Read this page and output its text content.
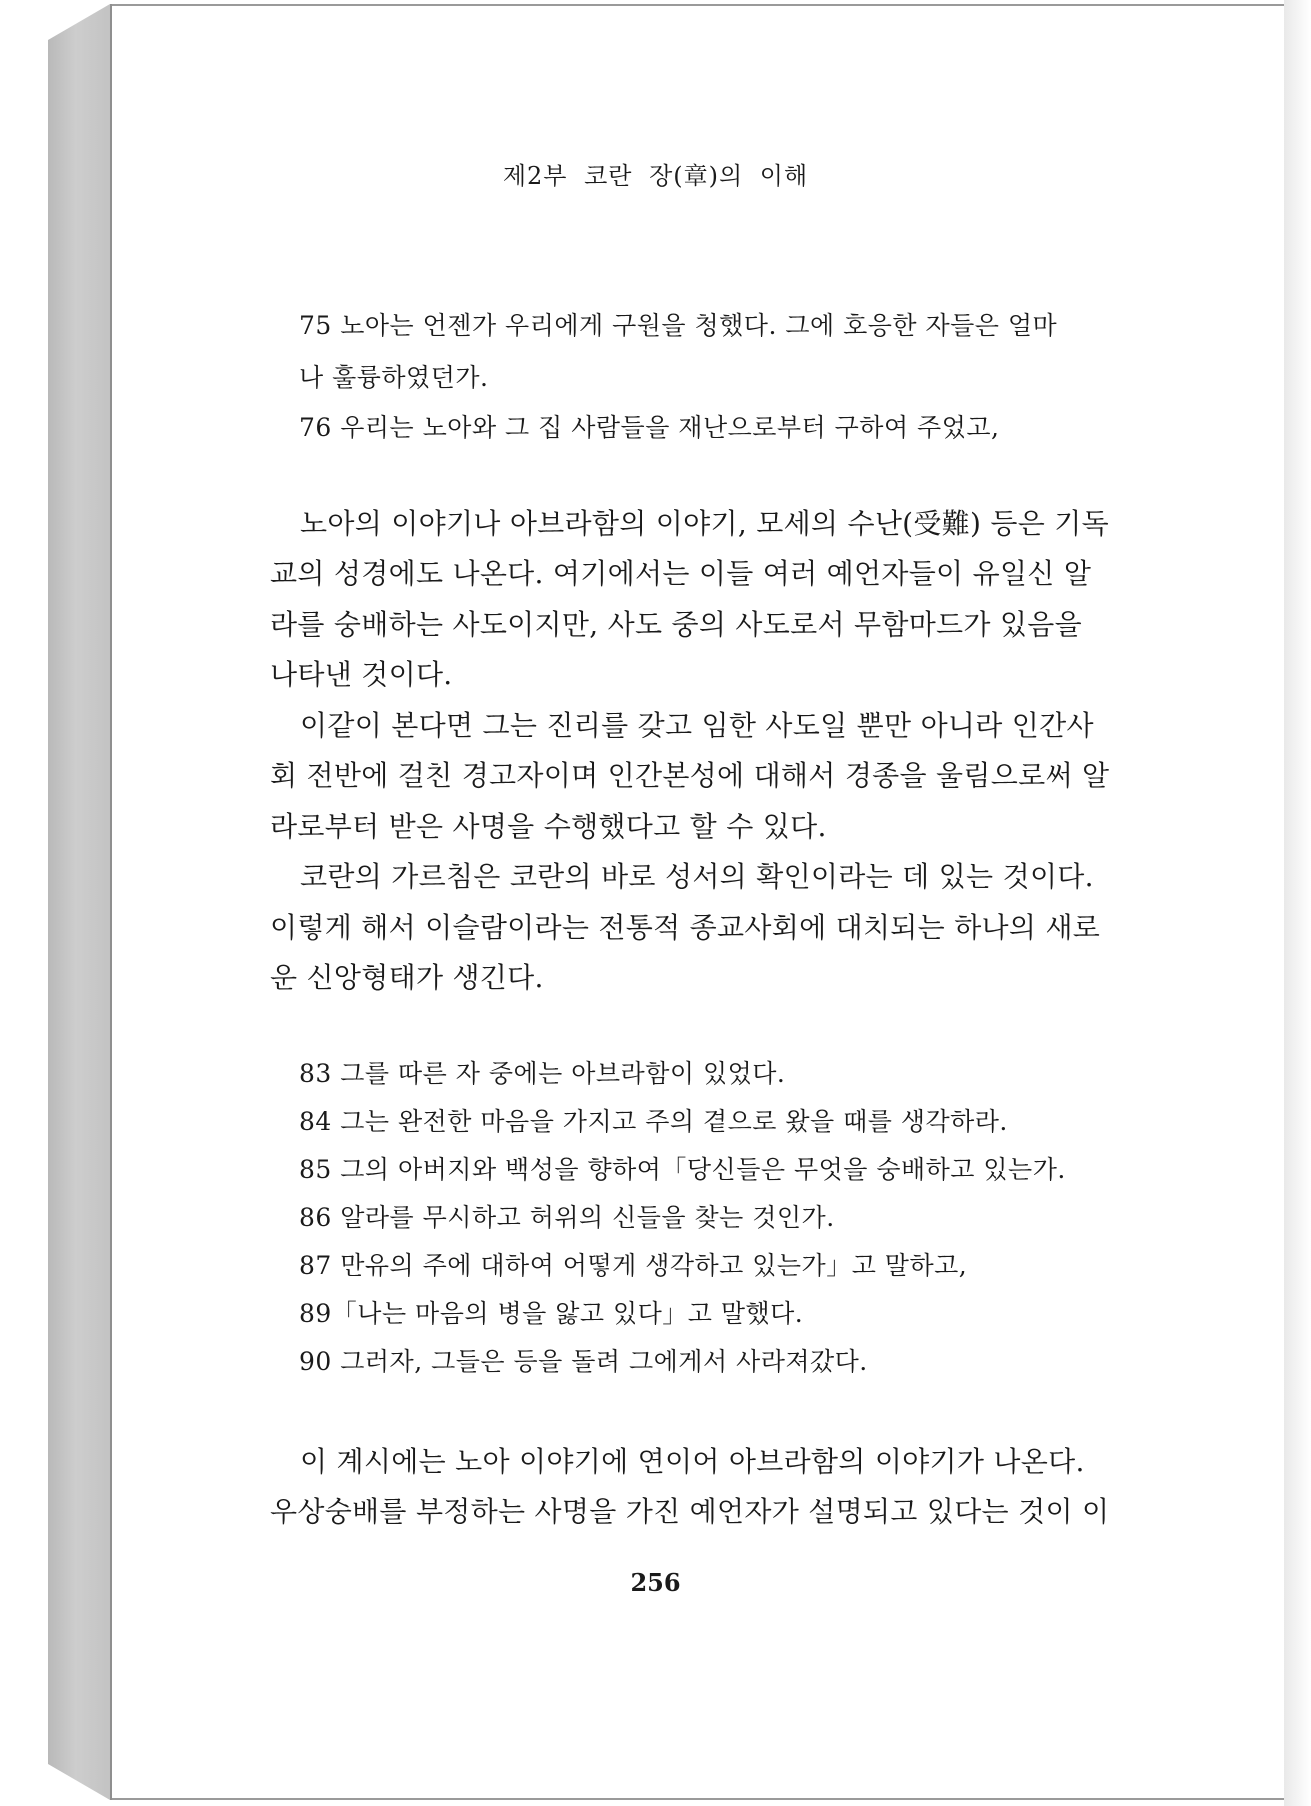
제2부 코란 장(章)의 이해
75 노아는 언젠가 우리에게 구원을 청했다. 그에 호응한 자들은 얼마
나 훌륭하였던가.
76 우리는 노아와 그 집 사람들을 재난으로부터 구하여 주었고,
노아의 이야기나 아브라함의 이야기, 모세의 수난(受難) 등은 기독
교의 성경에도 나온다. 여기에서는 이들 여러 예언자들이 유일신 알
라를 숭배하는 사도이지만, 사도 중의 사도로서 무함마드가 있음을
나타낸 것이다.
이같이 본다면 그는 진리를 갖고 임한 사도일 뿐만 아니라 인간사
회 전반에 걸친 경고자이며 인간본성에 대해서 경종을 울림으로써 알
라로부터 받은 사명을 수행했다고 할 수 있다.
코란의 가르침은 코란의 바로 성서의 확인이라는 데 있는 것이다.
이렇게 해서 이슬람이라는 전통적 종교사회에 대치되는 하나의 새로
운 신앙형태가 생긴다.
83 그를 따른 자 중에는 아브라함이 있었다.
84 그는 완전한 마음을 가지고 주의 곁으로 왔을 때를 생각하라.
85 그의 아버지와 백성을 향하여「당신들은 무엇을 숭배하고 있는가.
86 알라를 무시하고 허위의 신들을 찾는 것인가.
87 만유의 주에 대하여 어떻게 생각하고 있는가」고 말하고,
89「나는 마음의 병을 앓고 있다」고 말했다.
90 그러자, 그들은 등을 돌려 그에게서 사라져갔다.
이 계시에는 노아 이야기에 연이어 아브라함의 이야기가 나온다.
우상숭배를 부정하는 사명을 가진 예언자가 설명되고 있다는 것이 이
256
